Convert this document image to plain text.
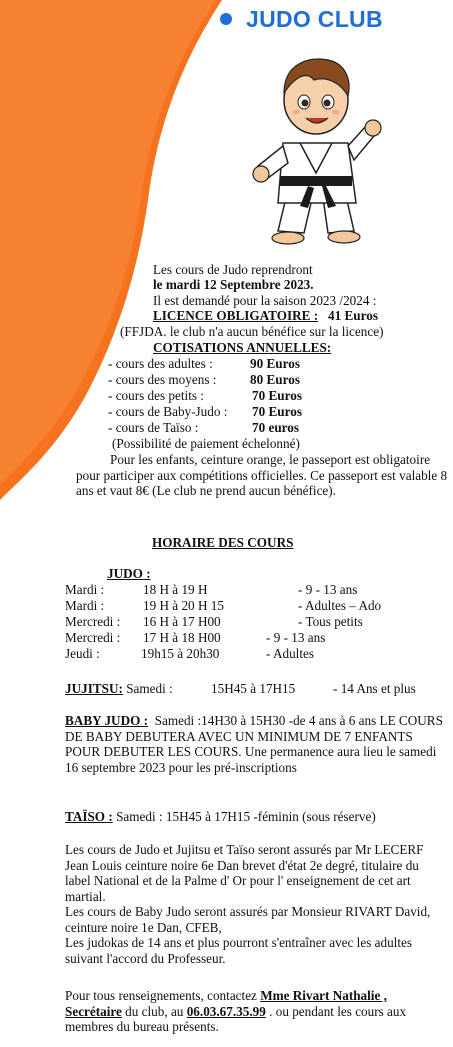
JUDO CLUB
Les cours de Judo reprendront
le mardi 12 Septembre 2023.
Il est demandé pour la saison 2023 /2024 :
LICENCE OBLIGATOIRE : 41 Euros
(FFJDA. le club n'a aucun bénéfice sur la licence)
COTISATIONS ANNUELLES:
- cours des adultes :	90 Euros
- cours des moyens :	80 Euros
- cours des petits :	70 Euros
- cours de Baby-Judo : 70 Euros
- cours de Taïso :	70 euros
(Possibilité de paiement échelonné)
Pour les enfants, ceinture orange, le passeport est obligatoire pour participer aux compétitions officielles. Ce passeport est valable 8 ans et vaut 8€ (Le club ne prend aucun bénéfice).
HORAIRE DES COURS
JUDO :
Mardi :	18 H à 19 H	- 9 - 13 ans
Mardi :	19 H à 20 H 15	- Adultes – Ado
Mercredi : 16 H à 17 H00	- Tous petits
Mercredi : 17 H à 18 H00	- 9 - 13 ans
Jeudi :	19h15 à 20h30	- Adultes
JUJITSU: Samedi :	15H45 à 17H15	- 14 Ans et plus
BABY JUDO : Samedi :14H30 à 15H30 -de 4 ans à 6 ans LE COURS DE BABY DEBUTERA AVEC UN MINIMUM DE 7 ENFANTS POUR DEBUTER LES COURS. Une permanence aura lieu le samedi 16 septembre 2023 pour les pré-inscriptions
TAÏSO : Samedi : 15H45 à 17H15 -féminin (sous réserve)
Les cours de Judo et Jujitsu et Taïso seront assurés par Mr LECERF Jean Louis ceinture noire 6e Dan brevet d'état 2e degré, titulaire du label National et de la Palme d' Or pour l' enseignement de cet art martial.
Les cours de Baby Judo seront assurés par Monsieur RIVART David, ceinture noire 1e Dan, CFEB,
Les judokas de 14 ans et plus pourront s'entraîner avec les adultes suivant l'accord du Professeur.
Pour tous renseignements, contactez Mme Rivart Nathalie , Secrétaire du club, au 06.03.67.35.99 . ou pendant les cours aux membres du bureau présents.
